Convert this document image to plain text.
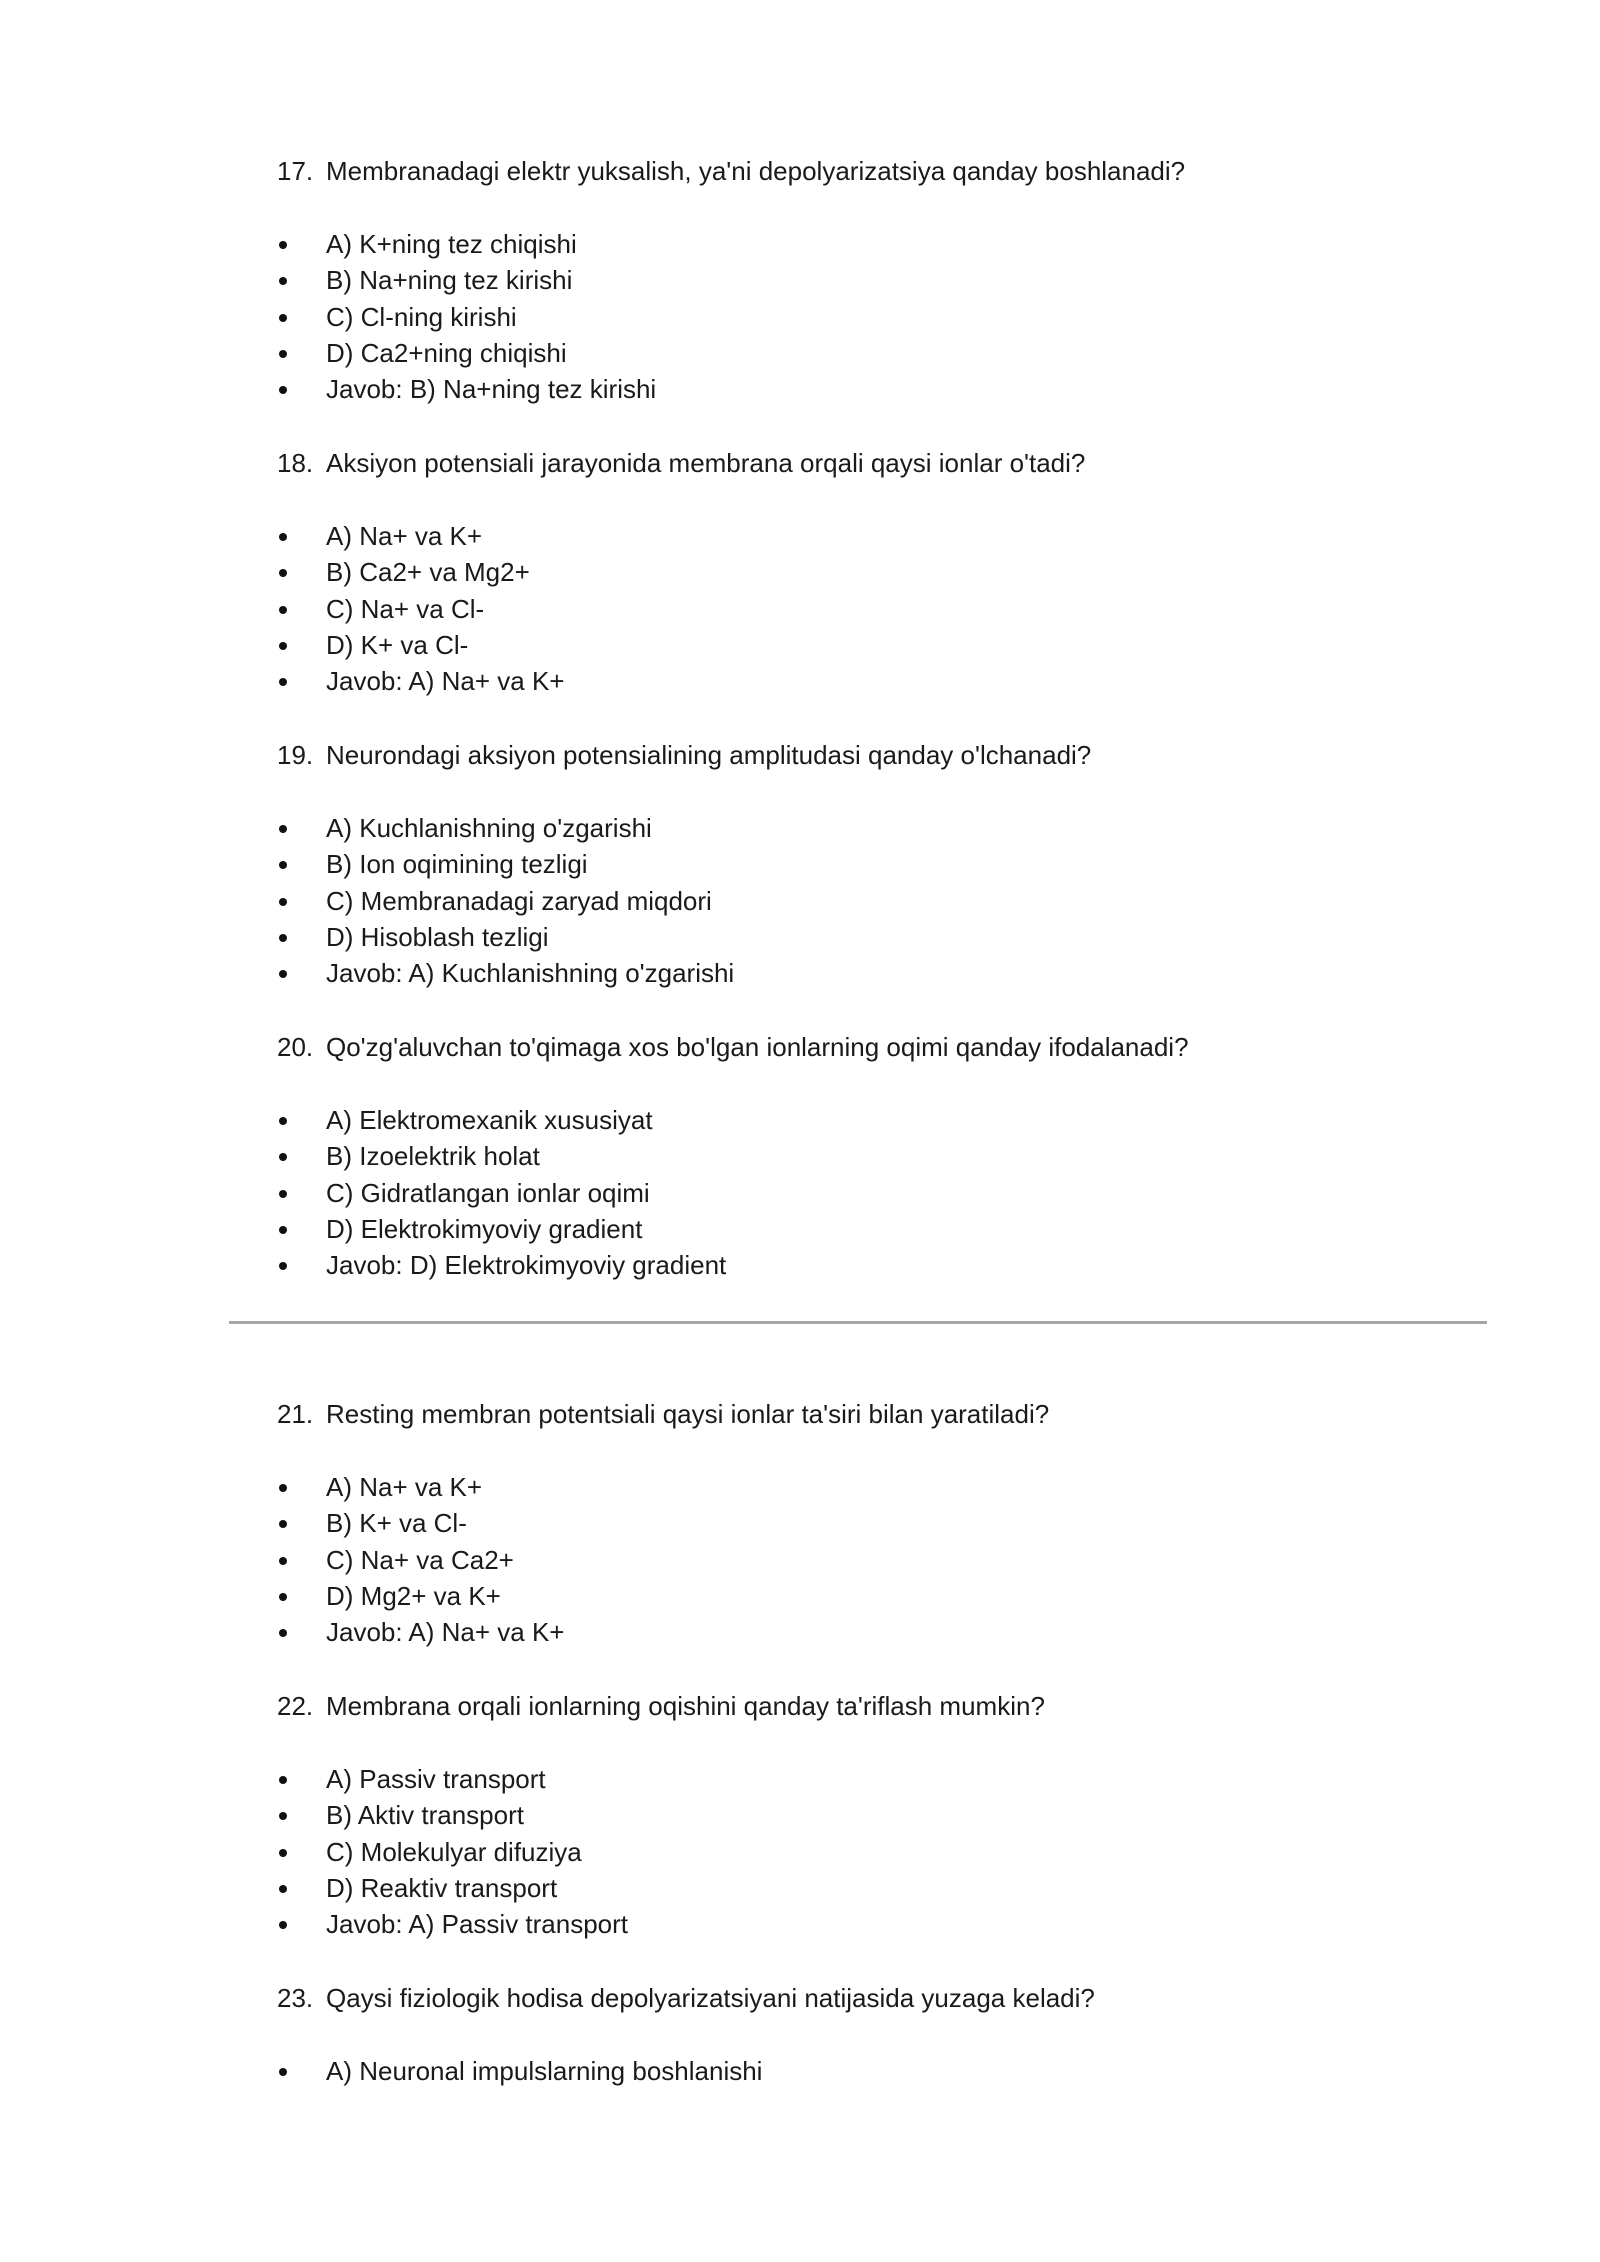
17. Membranadagi elektr yuksalish, ya'ni depolyarizatsiya qanday boshlanadi?

A) K+ning tez chiqishi
B) Na+ning tez kirishi
C) Cl-ning kirishi
D) Ca2+ning chiqishi
Javob: B) Na+ning tez kirishi

18. Aksiyon potensiali jarayonida membrana orqali qaysi ionlar o'tadi?

A) Na+ va K+
B) Ca2+ va Mg2+
C) Na+ va Cl-
D) K+ va Cl-
Javob: A) Na+ va K+

19. Neurondagi aksiyon potensialining amplitudasi qanday o'lchanadi?

A) Kuchlanishning o'zgarishi
B) Ion oqimining tezligi
C) Membranadagi zaryad miqdori
D) Hisoblash tezligi
Javob: A) Kuchlanishning o'zgarishi

20. Qo'zg'aluvchan to'qimaga xos bo'lgan ionlarning oqimi qanday ifodalanadi?

A) Elektromexanik xususiyat
B) Izoelektrik holat
C) Gidratlangan ionlar oqimi
D) Elektrokimyoviy gradient
Javob: D) Elektrokimyoviy gradient

21. Resting membran potentsiali qaysi ionlar ta'siri bilan yaratiladi?

A) Na+ va K+
B) K+ va Cl-
C) Na+ va Ca2+
D) Mg2+ va K+
Javob: A) Na+ va K+

22. Membrana orqali ionlarning oqishini qanday ta'riflash mumkin?

A) Passiv transport
B) Aktiv transport
C) Molekulyar difuziya
D) Reaktiv transport
Javob: A) Passiv transport

23. Qaysi fiziologik hodisa depolyarizatsiyani natijasida yuzaga keladi?

A) Neuronal impulslarning boshlanishi
